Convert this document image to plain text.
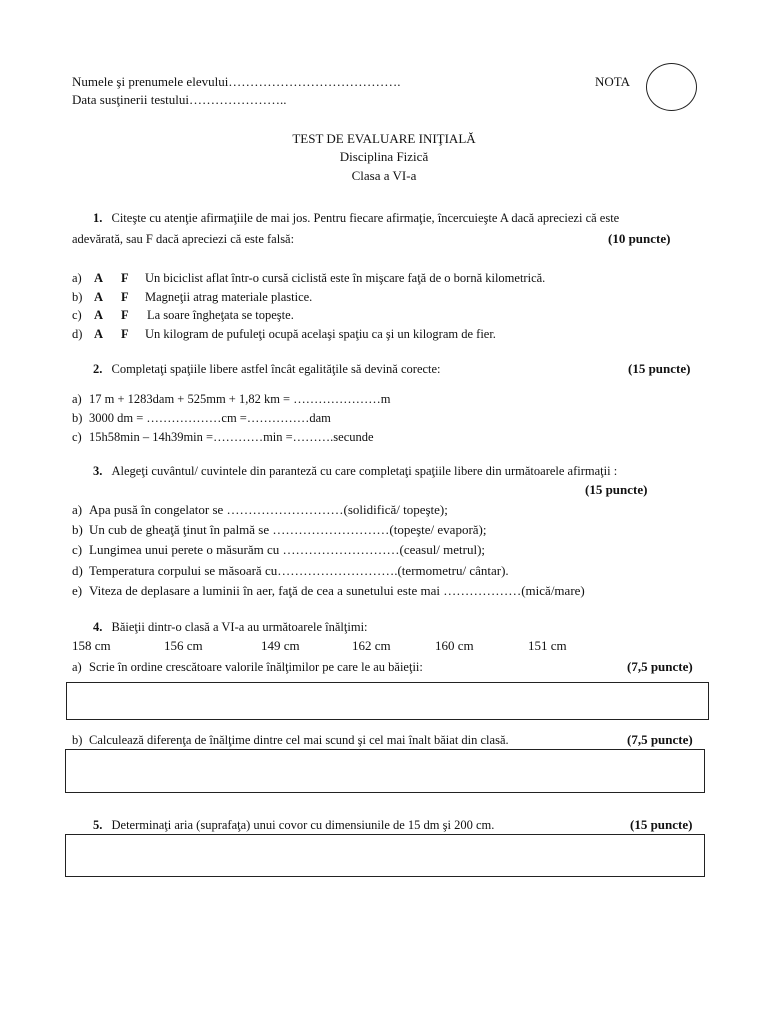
Numele şi prenumele elevului………………………………….
Data susţinerii testului…………………..
NOTA
TEST DE EVALUARE INIŢIALĂ
Disciplina Fizică
Clasa a VI-a
1. Citeşte cu atenţie afirmaţiile de mai jos. Pentru fiecare afirmaţie, încercuieşte A dacă apreciezi că este
adevărată, sau F dacă apreciezi că este falsă:	(10 puncte)
a) A F Un biciclist aflat într-o cursă ciclistă este în mişcare faţă de o bornă kilometrică.
b) A F Magneţii atrag materiale plastice.
c) A F La soare îngheţata se topeşte.
d) A F Un kilogram de pufuleţi ocupă acelaşi spaţiu ca şi un kilogram de fier.
2. Completaţi spaţiile libere astfel încât egalităţile să devină corecte:	(15 puncte)
a) 17 m + 1283dam + 525mm + 1,82 km = …………………m
b) 3000 dm = ………………cm =……………dam
c) 15h58min – 14h39min =…………min =……….secunde
3. Alegeţi cuvântul/ cuvintele din paranteză cu care completaţi spaţiile libere din următoarele afirmaţii :
(15 puncte)
a) Apa pusă în congelator se ………………………(solidifică/ topeşte);
b) Un cub de gheaţă ţinut în palmă se ………………………(topeşte/ evaporă);
c) Lungimea unui perete o măsurăm cu ………………………(ceasul/ metrul);
d) Temperatura corpului se măsoară cu……………………….(termometru/ cântar).
e) Viteza de deplasare a luminii în aer, faţă de cea a sunetului este mai ………………(mică/mare)
4. Băieţii dintr-o clasă a VI-a au următoarele înălţimi:
158 cm	156 cm	149 cm	162 cm	160 cm	151 cm
a) Scrie în ordine crescătoare valorile înălţimilor pe care le au băieţii:	(7,5 puncte)
b) Calculează diferenţa de înălţime dintre cel mai scund şi cel mai înalt băiat din clasă.	(7,5 puncte)
5. Determinaţi aria (suprafaţa) unui covor cu dimensiunile de 15 dm şi 200 cm.	(15 puncte)
